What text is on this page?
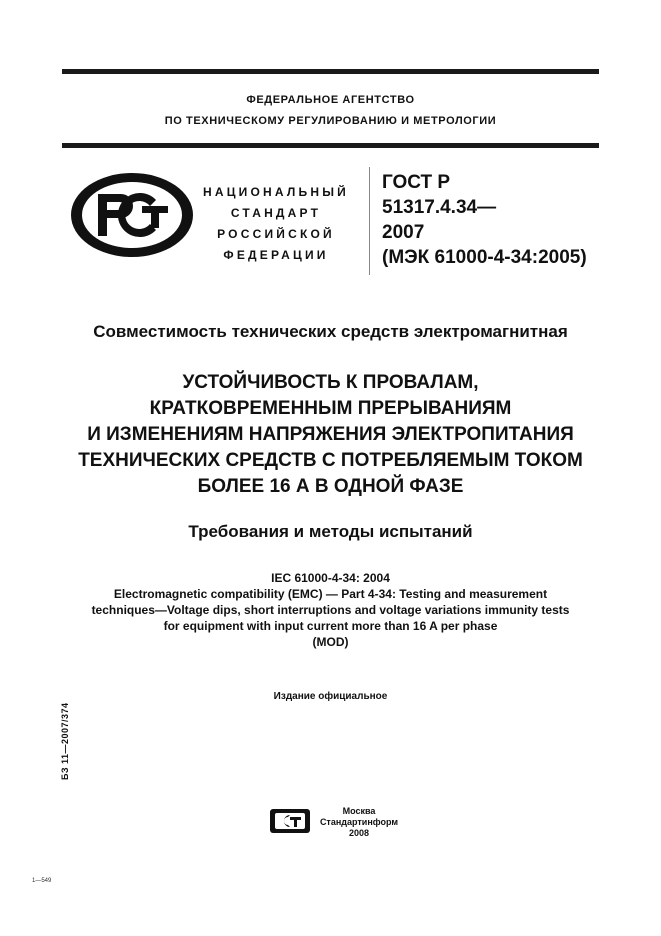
ФЕДЕРАЛЬНОЕ АГЕНТСТВО
ПО ТЕХНИЧЕСКОМУ РЕГУЛИРОВАНИЮ И МЕТРОЛОГИИ
НАЦИОНАЛЬНЫЙ
СТАНДАРТ
РОССИЙСКОЙ
ФЕДЕРАЦИИ
ГОСТ Р
51317.4.34—
2007
(МЭК 61000-4-34:2005)
Совместимость технических средств электромагнитная
УСТОЙЧИВОСТЬ К ПРОВАЛАМ,
КРАТКОВРЕМЕННЫМ ПРЕРЫВАНИЯМ
И ИЗМЕНЕНИЯМ НАПРЯЖЕНИЯ ЭЛЕКТРОПИТАНИЯ
ТЕХНИЧЕСКИХ СРЕДСТВ С ПОТРЕБЛЯЕМЫМ ТОКОМ
БОЛЕЕ 16 А В ОДНОЙ ФАЗЕ
Требования и методы испытаний
IEC 61000-4-34: 2004
Electromagnetic compatibility (EMC) — Part 4-34: Testing and measurement
techniques—Voltage dips, short interruptions and voltage variations immunity tests
for equipment with input current more than 16 A per phase
(MOD)
Издание официальное
БЗ 11—2007/374
Москва
Стандартинформ
2008
1—549
